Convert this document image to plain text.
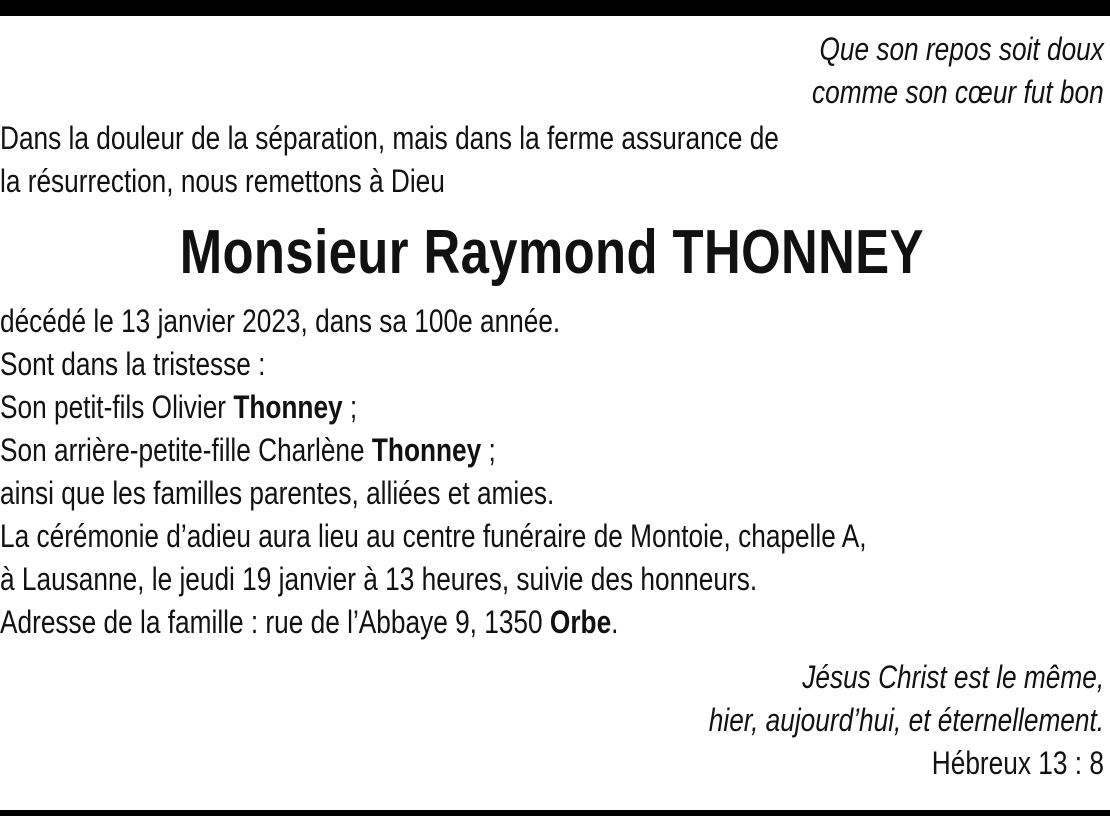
Que son repos soit doux
comme son cœur fut bon
Dans la douleur de la séparation, mais dans la ferme assurance de
la résurrection, nous remettons à Dieu
Monsieur Raymond THONNEY
décédé le 13 janvier 2023, dans sa 100e année.
Sont dans la tristesse :
Son petit-fils Olivier Thonney ;
Son arrière-petite-fille Charlène Thonney ;
ainsi que les familles parentes, alliées et amies.
La cérémonie d’adieu aura lieu au centre funéraire de Montoie, chapelle A,
à Lausanne, le jeudi 19 janvier à 13 heures, suivie des honneurs.
Adresse de la famille : rue de l’Abbaye 9, 1350 Orbe.
Jésus Christ est le même,
hier, aujourd’hui, et éternellement.
Hébreux 13 : 8
